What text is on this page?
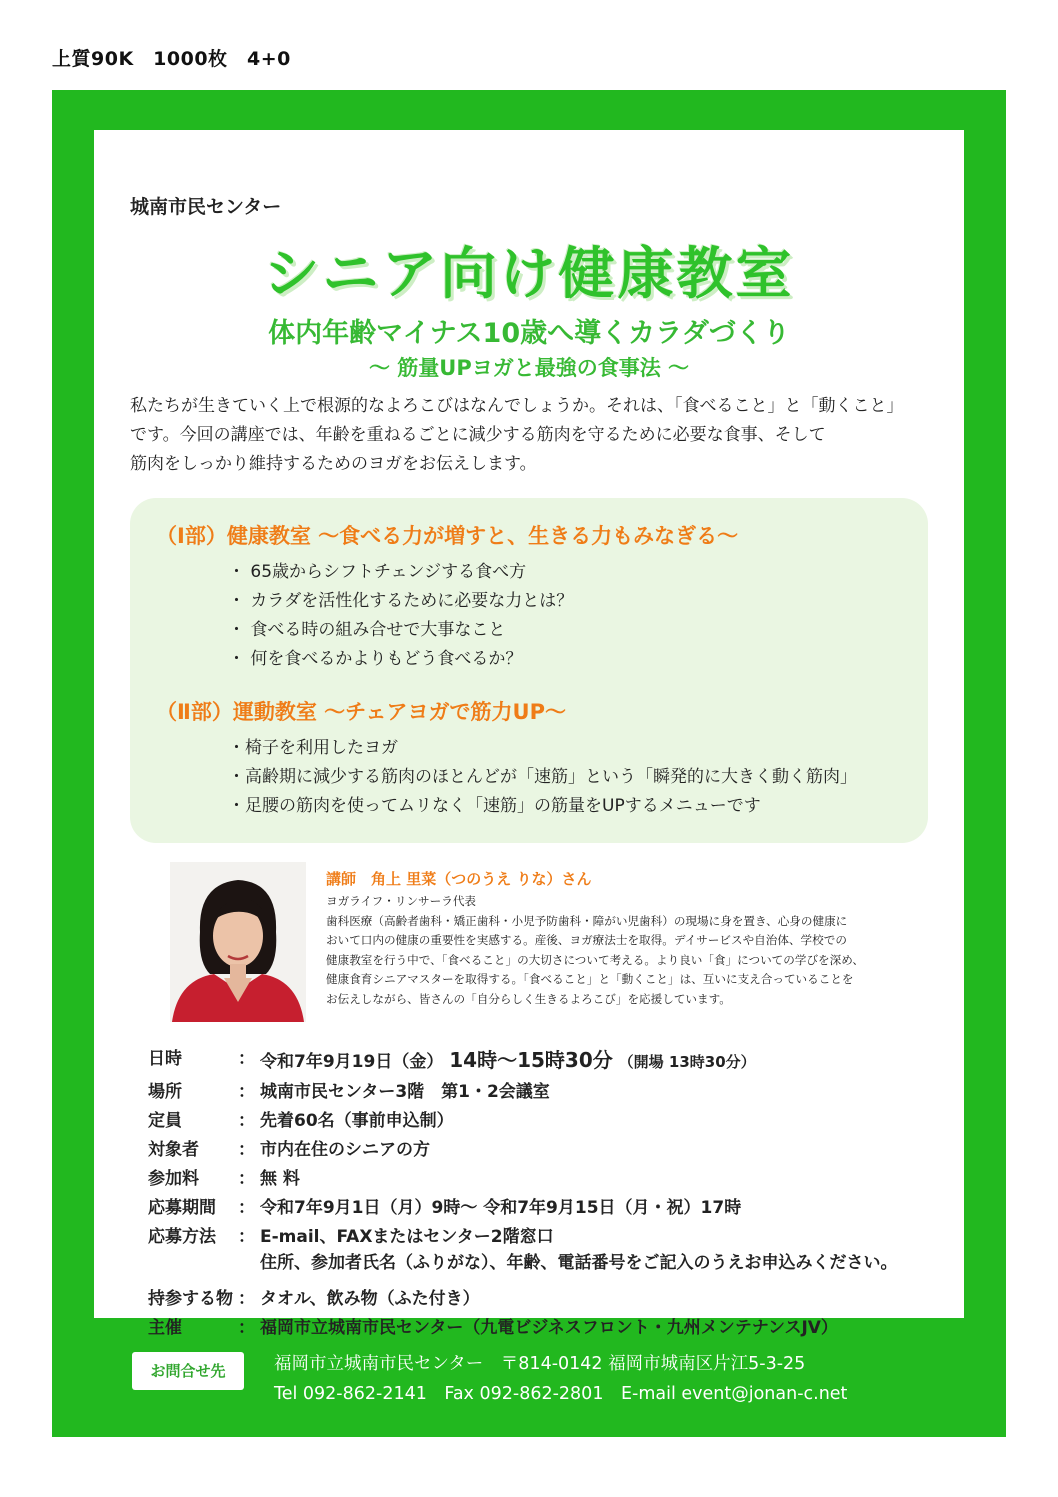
上質90K　1000枚　4+0
城南市民センター
シニア向け健康教室
体内年齢マイナス10歳へ導くカラダづくり
〜 筋量UPヨガと最強の食事法 〜

私たちが生きていく上で根源的なよろこびはなんでしょうか。それは、「食べること」と「動くこと」

です。今回の講座では、年齢を重ねるごとに減少する筋肉を守るために必要な食事、そして

筋肉をしっかり維持するためのヨガをお伝えします。

（Ⅰ部）健康教室 〜食べる力が増すと、生きる力もみなぎる〜
・ 65歳からシフトチェンジする食べ方
・ カラダを活性化するために必要な力とは？
・ 食べる時の組み合せで大事なこと
・ 何を食べるかよりもどう食べるか？
（Ⅱ部）運動教室 〜チェアヨガで筋力UP〜
・椅子を利用したヨガ
・高齢期に減少する筋肉のほとんどが「速筋」という「瞬発的に大きく動く筋肉」
・足腰の筋肉を使ってムリなく「速筋」の筋量をUPするメニューです
講師　角上 里菜（つのうえ りな）さん
ヨガライフ・リンサーラ代表
歯科医療（高齢者歯科・矯正歯科・小児予防歯科・障がい児歯科）の現場に身を置き、心身の健康に
おいて口内の健康の重要性を実感する。産後、ヨガ療法士を取得。デイサービスや自治体、学校での
健康教室を行う中で、「食べること」の大切さについて考える。より良い「食」についての学びを深め、
健康食育シニアマスターを取得する。「食べること」と「動くこと」は、互いに支え合っていることを
お伝えしながら、皆さんの「自分らしく生きるよろこび」を応援しています。
日時	： 令和7年9月19日（金） 14時〜15時30分 （開場 13時30分）
場所	： 城南市民センター3階　第1・2会議室
定員	： 先着60名（事前申込制）
対象者 ： 市内在住のシニアの方
参加料 ： 無 料
応募期間 ： 令和7年9月1日（月）9時〜 令和7年9月15日（月・祝）17時
応募方法 ： E-mail、FAXまたはセンター2階窓口
住所、参加者氏名（ふりがな）、年齢、電話番号をご記入のうえお申込みください。
持参する物 ： タオル、飲み物（ふた付き）
主催	： 福岡市立城南市民センター（九電ビジネスフロント・九州メンテナンスJV）
お問合せ先	福岡市立城南市民センター　〒814-0142 福岡市城南区片江5-3-25
Tel 092-862-2141　Fax 092-862-2801　E-mail event@jonan-c.net
